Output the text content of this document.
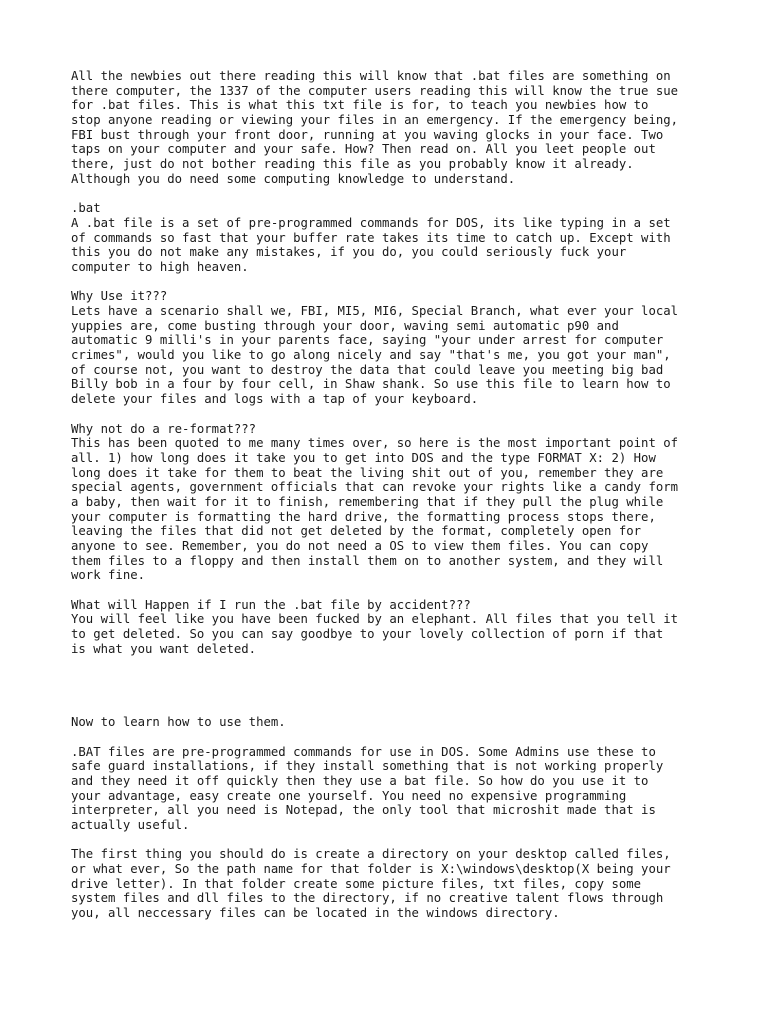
All the newbies out there reading this will know that .bat files are something on
there computer, the 1337 of the computer users reading this will know the true sue
for .bat files. This is what this txt file is for, to teach you newbies how to
stop anyone reading or viewing your files in an emergency. If the emergency being,
FBI bust through your front door, running at you waving glocks in your face. Two
taps on your computer and your safe. How? Then read on. All you leet people out
there, just do not bother reading this file as you probably know it already.
Although you do need some computing knowledge to understand.
.bat
A .bat file is a set of pre-programmed commands for DOS, its like typing in a set
of commands so fast that your buffer rate takes its time to catch up. Except with
this you do not make any mistakes, if you do, you could seriously fuck your
computer to high heaven.
Why Use it???
Lets have a scenario shall we, FBI, MI5, MI6, Special Branch, what ever your local
yuppies are, come busting through your door, waving semi automatic p90 and
automatic 9 milli's in your parents face, saying "your under arrest for computer
crimes", would you like to go along nicely and say "that's me, you got your man",
of course not, you want to destroy the data that could leave you meeting big bad
Billy bob in a four by four cell, in Shaw shank. So use this file to learn how to
delete your files and logs with a tap of your keyboard.
Why not do a re-format???
This has been quoted to me many times over, so here is the most important point of
all. 1) how long does it take you to get into DOS and the type FORMAT X: 2) How
long does it take for them to beat the living shit out of you, remember they are
special agents, government officials that can revoke your rights like a candy form
a baby, then wait for it to finish, remembering that if they pull the plug while
your computer is formatting the hard drive, the formatting process stops there,
leaving the files that did not get deleted by the format, completely open for
anyone to see. Remember, you do not need a OS to view them files. You can copy
them files to a floppy and then install them on to another system, and they will
work fine.
What will Happen if I run the .bat file by accident???
You will feel like you have been fucked by an elephant. All files that you tell it
to get deleted. So you can say goodbye to your lovely collection of porn if that
is what you want deleted.
Now to learn how to use them.
.BAT files are pre-programmed commands for use in DOS. Some Admins use these to
safe guard installations, if they install something that is not working properly
and they need it off quickly then they use a bat file. So how do you use it to
your advantage, easy create one yourself. You need no expensive programming
interpreter, all you need is Notepad, the only tool that microshit made that is
actually useful.
The first thing you should do is create a directory on your desktop called files,
or what ever, So the path name for that folder is X:\windows\desktop(X being your
drive letter). In that folder create some picture files, txt files, copy some
system files and dll files to the directory, if no creative talent flows through
you, all neccessary files can be located in the windows directory.
